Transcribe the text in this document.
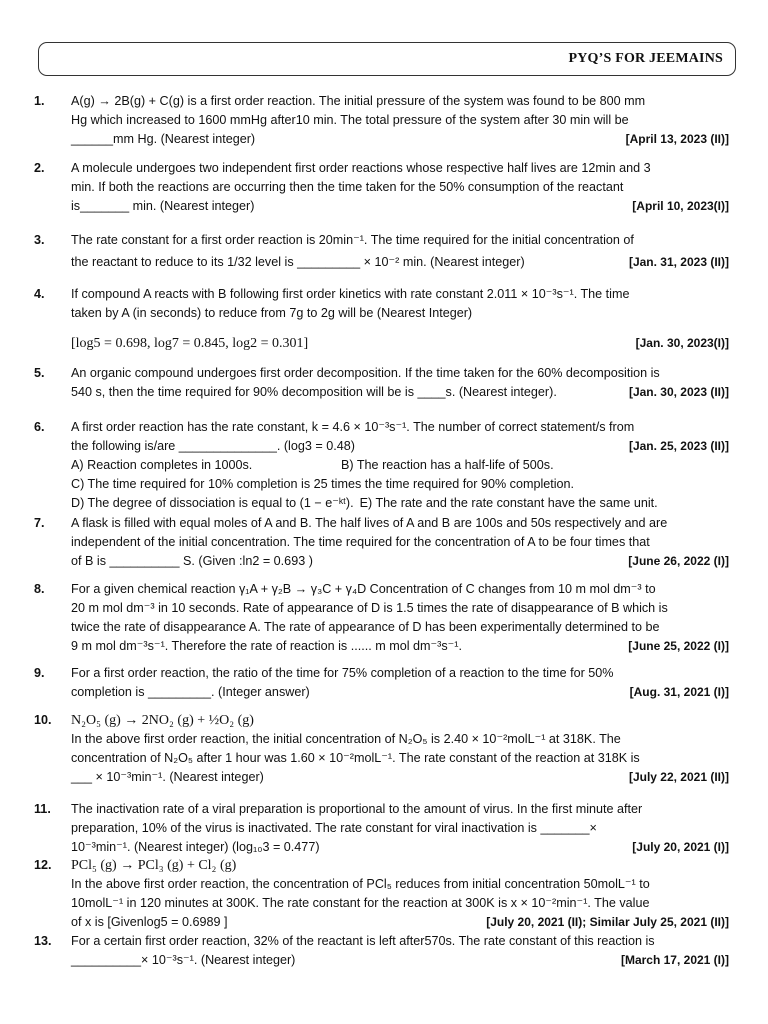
PYQ’S FOR JEEMAINS
1. A(g) → 2B(g) + C(g) is a first order reaction. The initial pressure of the system was found to be 800 mm
Hg which increased to 1600 mmHg after10 min. The total pressure of the system after 30 min will be
______mm Hg. (Nearest integer)	[April 13, 2023 (II)]
2. A molecule undergoes two independent first order reactions whose respective half lives are 12min and 3
min. If both the reactions are occurring then the time taken for the 50% consumption of the reactant
is_______ min. (Nearest integer)	[April 10, 2023(I)]
3. The rate constant for a first order reaction is 20min⁻¹. The time required for the initial concentration of
the reactant to reduce to its 1/32 level is _________ × 10⁻² min. (Nearest integer)	[Jan. 31, 2023 (II)]
4. If compound A reacts with B following first order kinetics with rate constant 2.011 × 10⁻³s⁻¹. The time
taken by A (in seconds) to reduce from 7g to 2g will be (Nearest Integer)
[log5 = 0.698, log7 = 0.845, log2 = 0.301]	[Jan. 30, 2023(I)]
5. An organic compound undergoes first order decomposition. If the time taken for the 60% decomposition is
540 s, then the time required for 90% decomposition will be is ____s. (Nearest integer).	[Jan. 30, 2023 (II)]
6. A first order reaction has the rate constant, k = 4.6 × 10⁻³s⁻¹. The number of correct statement/s from
the following is/are ______________. (log3 = 0.48)	[Jan. 25, 2023 (II)]
A) Reaction completes in 1000s.	B) The reaction has a half-life of 500s.
C) The time required for 10% completion is 25 times the time required for 90% completion.
D) The degree of dissociation is equal to (1 − e⁻ᵏᵗ). E) The rate and the rate constant have the same unit.
7. A flask is filled with equal moles of A and B. The half lives of A and B are 100s and 50s respectively and are
independent of the initial concentration. The time required for the concentration of A to be four times that
of B is __________ S. (Given :ln2 = 0.693 )	[June 26, 2022 (I)]
8. For a given chemical reaction γ₁A + γ₂B → γ₃C + γ₄D Concentration of C changes from 10 m mol dm⁻³ to
20 m mol dm⁻³ in 10 seconds. Rate of appearance of D is 1.5 times the rate of disappearance of B which is
twice the rate of disappearance A. The rate of appearance of D has been experimentally determined to be
9 m mol dm⁻³s⁻¹. Therefore the rate of reaction is ...... m mol dm⁻³s⁻¹.	[June 25, 2022 (I)]
9. For a first order reaction, the ratio of the time for 75% completion of a reaction to the time for 50%
completion is _________. (Integer answer)	[Aug. 31, 2021 (I)]
10. N₂O₅ (g) → 2NO₂ (g) + ½O₂ (g)
In the above first order reaction, the initial concentration of N₂O₅ is 2.40 × 10⁻²molL⁻¹ at 318K. The
concentration of N₂O₅ after 1 hour was 1.60 × 10⁻²molL⁻¹. The rate constant of the reaction at 318K is
___ × 10⁻³min⁻¹. (Nearest integer)	[July 22, 2021 (II)]
11. The inactivation rate of a viral preparation is proportional to the amount of virus. In the first minute after
preparation, 10% of the virus is inactivated. The rate constant for viral inactivation is _______×
10⁻³min⁻¹. (Nearest integer) (log₁₀3 = 0.477)	[July 20, 2021 (I)]
12. PCl₅ (g) → PCl₃ (g) + Cl₂ (g)
In the above first order reaction, the concentration of PCl₅ reduces from initial concentration 50molL⁻¹ to
10molL⁻¹ in 120 minutes at 300K. The rate constant for the reaction at 300K is x × 10⁻²min⁻¹. The value
of x is [Givenlog5 = 0.6989 ]	[July 20, 2021 (II); Similar July 25, 2021 (II)]
13. For a certain first order reaction, 32% of the reactant is left after570s. The rate constant of this reaction is
__________× 10⁻³s⁻¹. (Nearest integer)	[March 17, 2021 (I)]
